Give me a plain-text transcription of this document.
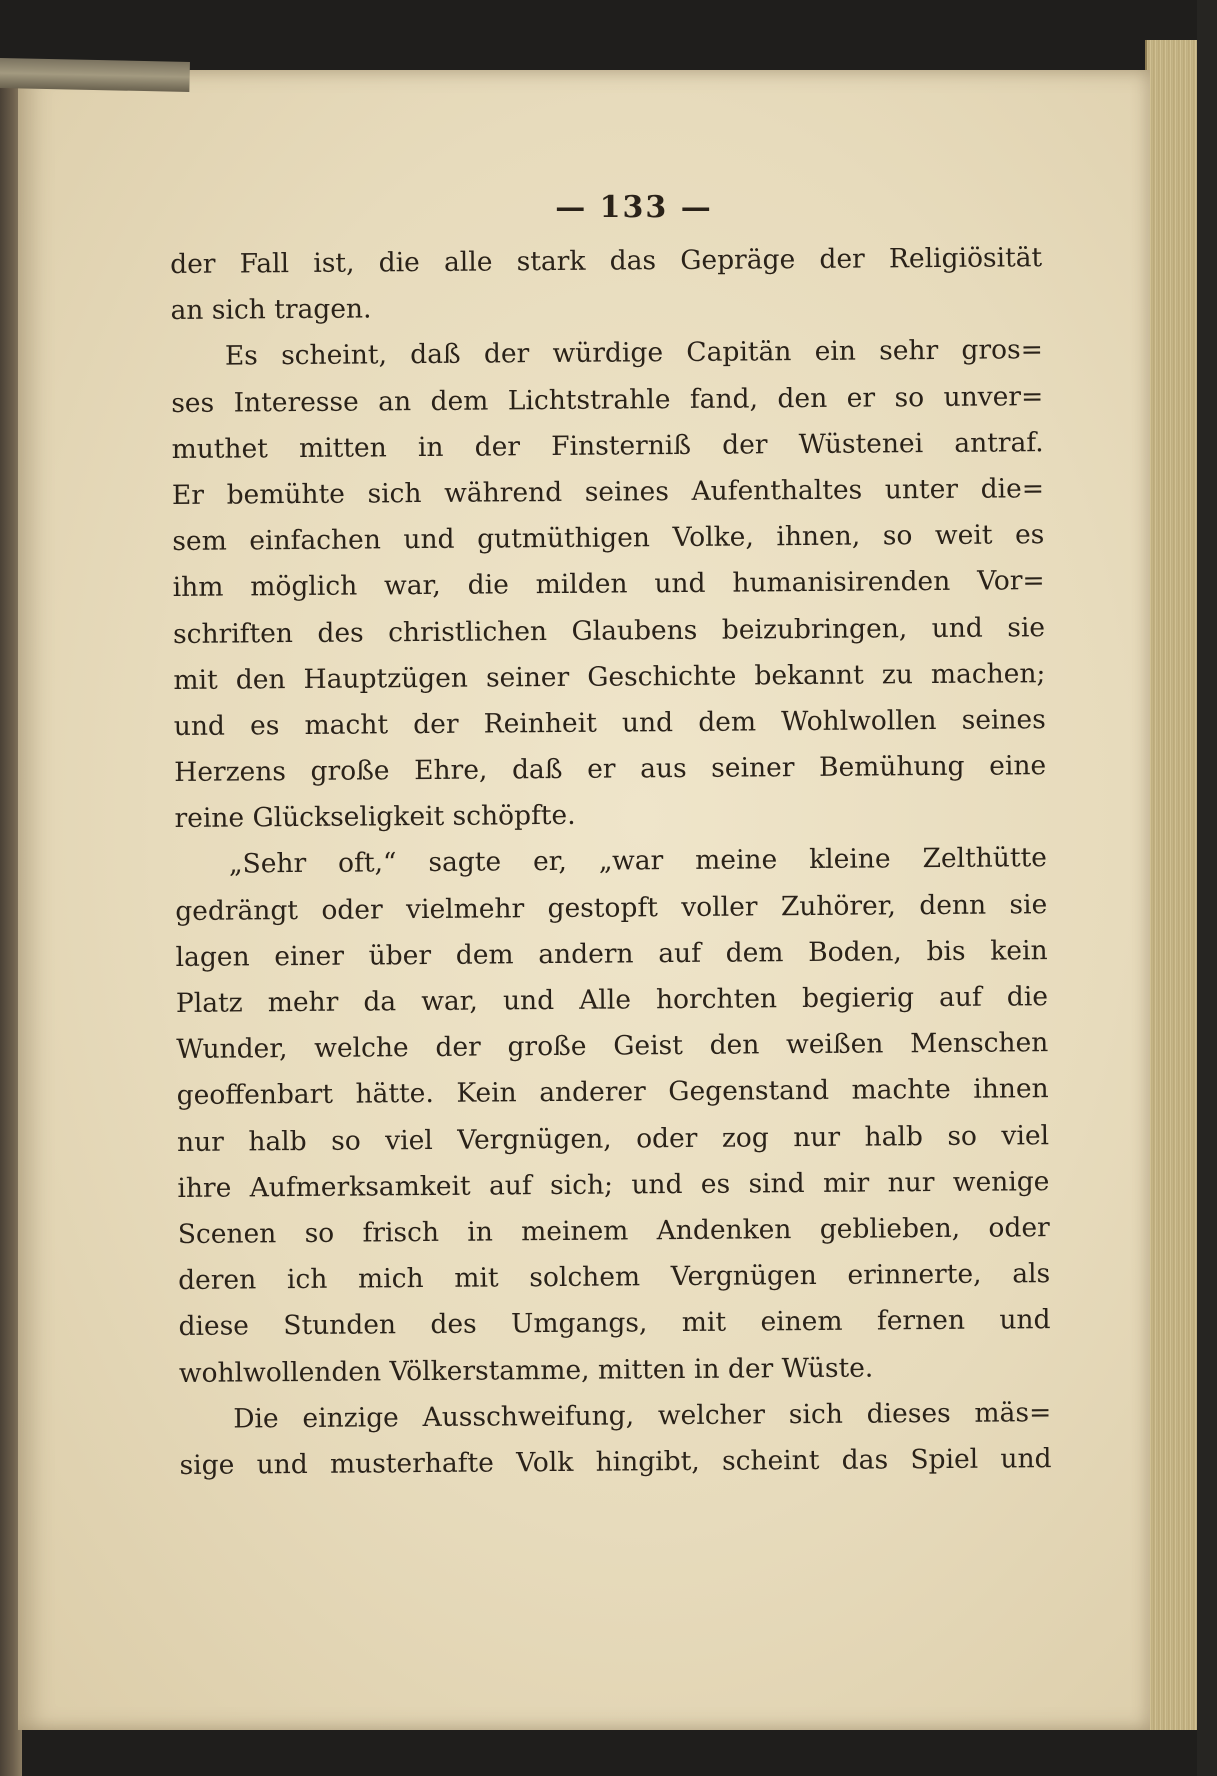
— 133 —
der Fall ist, die alle stark das Gepräge der Religiösität
an sich tragen.
Es scheint, daß der würdige Capitän ein sehr gros=
ses Interesse an dem Lichtstrahle fand, den er so unver=
muthet mitten in der Finsterniß der Wüstenei antraf.
Er bemühte sich während seines Aufenthaltes unter die=
sem einfachen und gutmüthigen Volke, ihnen, so weit es
ihm möglich war, die milden und humanisirenden Vor=
schriften des christlichen Glaubens beizubringen, und sie
mit den Hauptzügen seiner Geschichte bekannt zu machen;
und es macht der Reinheit und dem Wohlwollen seines
Herzens große Ehre, daß er aus seiner Bemühung eine
reine Glückseligkeit schöpfte.
„Sehr oft,“ sagte er, „war meine kleine Zelthütte
gedrängt oder vielmehr gestopft voller Zuhörer, denn sie
lagen einer über dem andern auf dem Boden, bis kein
Platz mehr da war, und Alle horchten begierig auf die
Wunder, welche der große Geist den weißen Menschen
geoffenbart hätte. Kein anderer Gegenstand machte ihnen
nur halb so viel Vergnügen, oder zog nur halb so viel
ihre Aufmerksamkeit auf sich; und es sind mir nur wenige
Scenen so frisch in meinem Andenken geblieben, oder
deren ich mich mit solchem Vergnügen erinnerte, als
diese Stunden des Umgangs, mit einem fernen und
wohlwollenden Völkerstamme, mitten in der Wüste.
Die einzige Ausschweifung, welcher sich dieses mäs=
sige und musterhafte Volk hingibt, scheint das Spiel und
